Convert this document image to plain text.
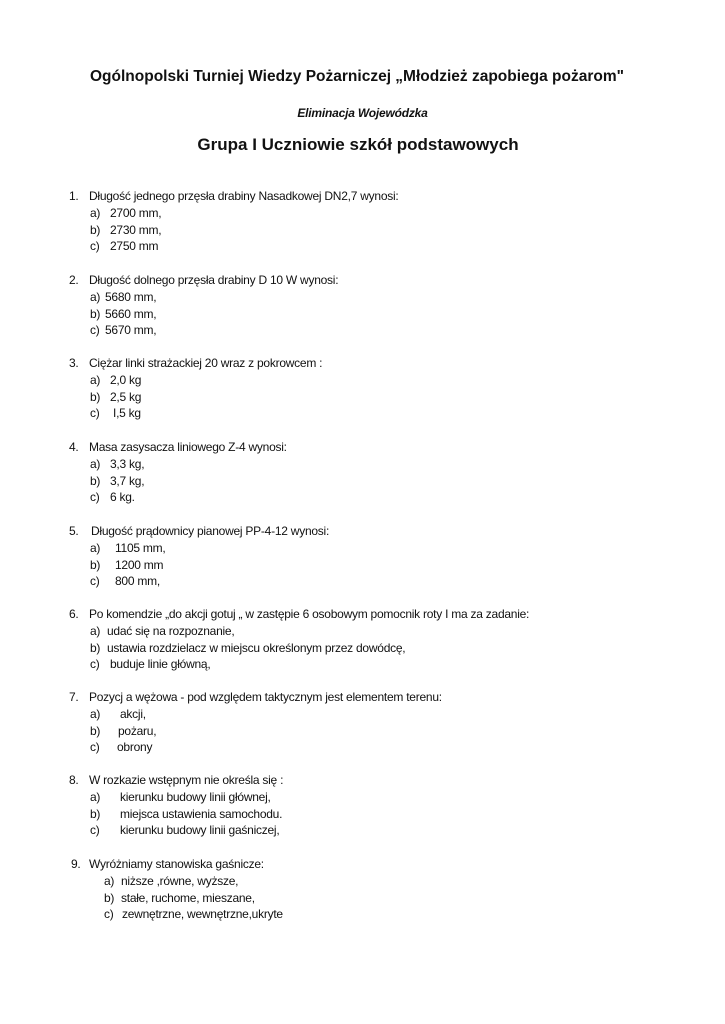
Ogólnopolski Turniej Wiedzy Pożarniczej „Młodzież zapobiega pożarom"
Eliminacja Wojewódzka
Grupa I Uczniowie szkół podstawowych
1. Długość jednego przęsła drabiny Nasadkowej DN2,7 wynosi:
a) 2700 mm,
b) 2730 mm,
c) 2750 mm
2. Długość dolnego przęsła drabiny D 10 W wynosi:
a) 5680 mm,
b) 5660 mm,
c) 5670 mm,
3. Ciężar linki strażackiej 20 wraz z pokrowcem :
a) 2,0 kg
b) 2,5 kg
c) I,5 kg
4. Masa zasysacza liniowego Z-4 wynosi:
a) 3,3 kg,
b) 3,7 kg,
c) 6 kg.
5. Długość prądownicy pianowej PP-4-12 wynosi:
a) 1105 mm,
b) 1200 mm
c) 800 mm,
6. Po komendzie „do akcji gotuj „ w zastępie 6 osobowym pomocnik roty I ma za zadanie:
a) udać się na rozpoznanie,
b) ustawia rozdzielacz w miejscu określonym przez dowódcę,
c) buduje linie główną,
7. Pozycj a wężowa - pod względem taktycznym jest elementem terenu:
a) akcji,
b) pożaru,
c) obrony
8. W rozkazie wstępnym nie określa się :
a) kierunku budowy linii głównej,
b) miejsca ustawienia samochodu.
c) kierunku budowy linii gaśniczej,
9. Wyróżniamy stanowiska gaśnicze:
a) niższe ,równe, wyższe,
b) stałe, ruchome, mieszane,
c) zewnętrzne, wewnętrzne,ukryte
